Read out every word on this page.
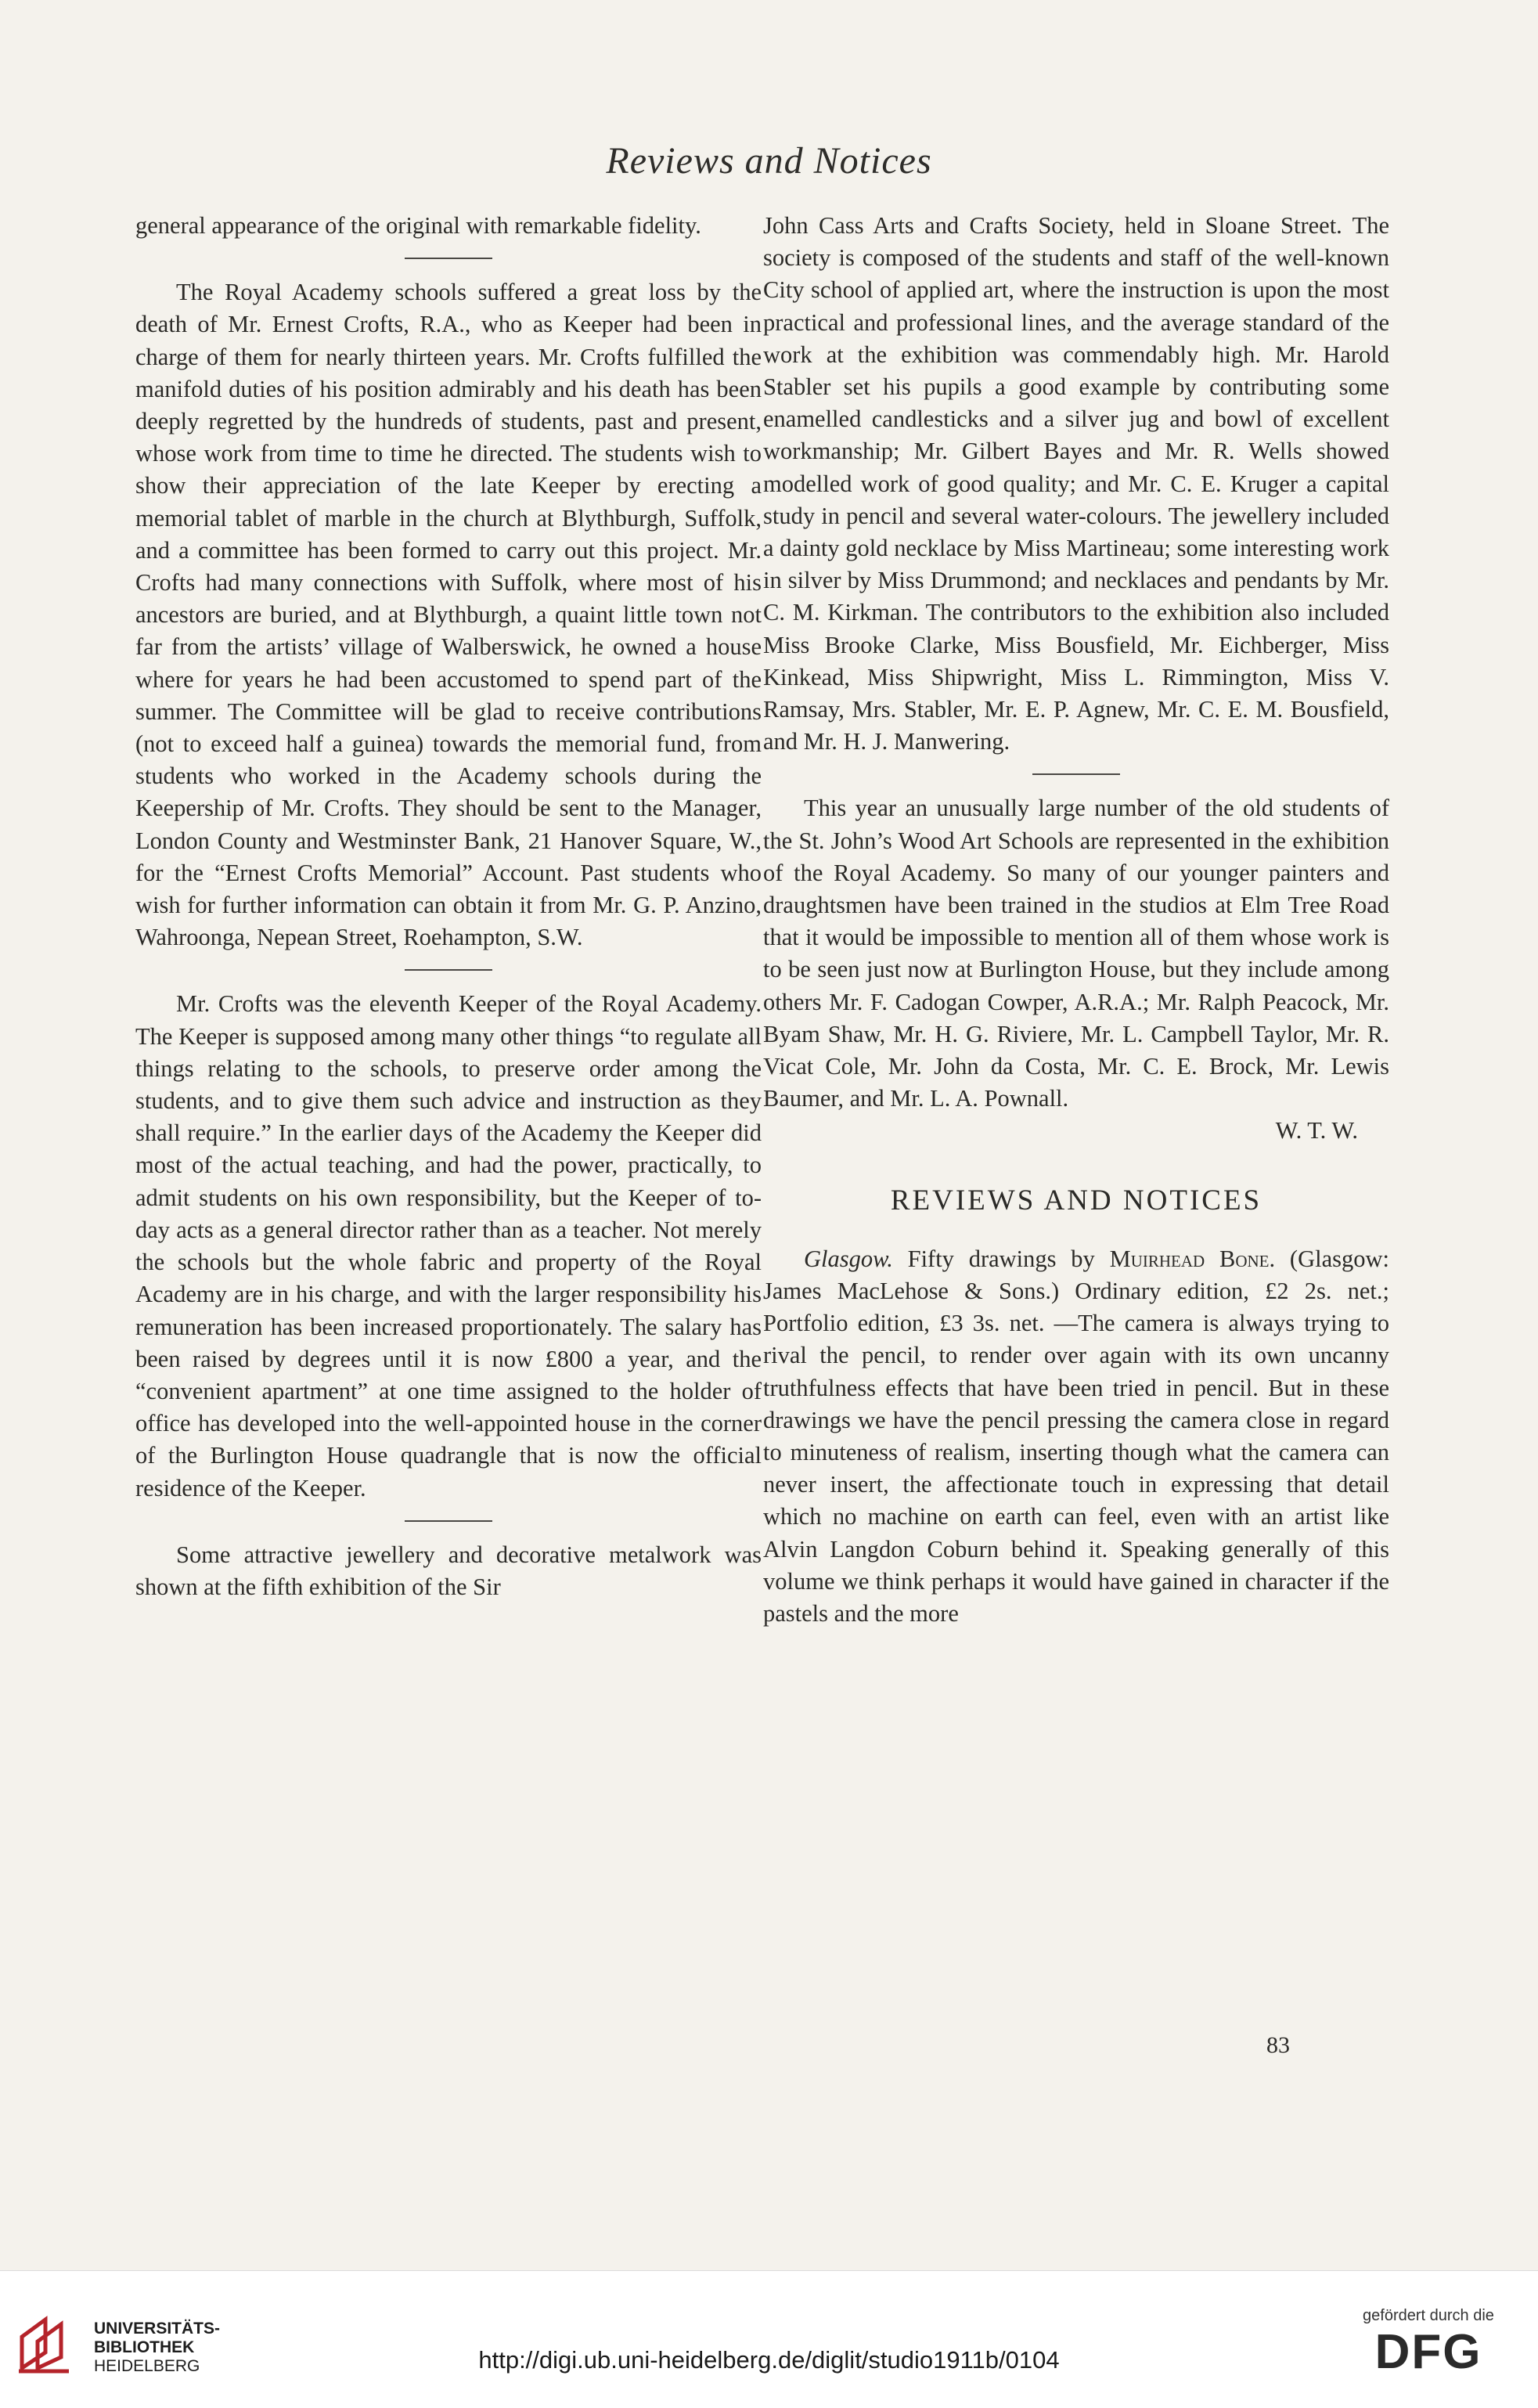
Reviews and Notices

general appearance of the original with remarkable fidelity.

The Royal Academy schools suffered a great loss by the death of Mr. Ernest Crofts, R.A., who as Keeper had been in charge of them for nearly thirteen years. Mr. Crofts fulfilled the manifold duties of his position admirably and his death has been deeply regretted by the hundreds of students, past and present, whose work from time to time he directed. The students wish to show their appreciation of the late Keeper by erecting a memorial tablet of marble in the church at Blythburgh, Suffolk, and a committee has been formed to carry out this project. Mr. Crofts had many connections with Suffolk, where most of his ancestors are buried, and at Blythburgh, a quaint little town not far from the artists’ village of Walberswick, he owned a house where for years he had been accustomed to spend part of the summer. The Committee will be glad to receive contributions (not to exceed half a guinea) towards the memorial fund, from students who worked in the Academy schools during the Keepership of Mr. Crofts. They should be sent to the Manager, London County and Westminster Bank, 21 Hanover Square, W., for the “Ernest Crofts Memorial” Account. Past students who wish for further information can obtain it from Mr. G. P. Anzino, Wahroonga, Nepean Street, Roehampton, S.W.

Mr. Crofts was the eleventh Keeper of the Royal Academy. The Keeper is supposed among many other things “to regulate all things relating to the schools, to preserve order among the students, and to give them such advice and instruction as they shall require.” In the earlier days of the Academy the Keeper did most of the actual teaching, and had the power, practically, to admit students on his own responsibility, but the Keeper of to-day acts as a general director rather than as a teacher. Not merely the schools but the whole fabric and property of the Royal Academy are in his charge, and with the larger responsibility his remuneration has been increased proportionately. The salary has been raised by degrees until it is now £800 a year, and the “convenient apartment” at one time assigned to the holder of office has developed into the well-appointed house in the corner of the Burlington House quadrangle that is now the official residence of the Keeper.

Some attractive jewellery and decorative metalwork was shown at the fifth exhibition of the Sir

John Cass Arts and Crafts Society, held in Sloane Street. The society is composed of the students and staff of the well-known City school of applied art, where the instruction is upon the most practical and professional lines, and the average standard of the work at the exhibition was commendably high. Mr. Harold Stabler set his pupils a good example by contributing some enamelled candlesticks and a silver jug and bowl of excellent workmanship; Mr. Gilbert Bayes and Mr. R. Wells showed modelled work of good quality; and Mr. C. E. Kruger a capital study in pencil and several water-colours. The jewellery included a dainty gold necklace by Miss Martineau; some interesting work in silver by Miss Drummond; and necklaces and pendants by Mr. C. M. Kirkman. The contributors to the exhibition also included Miss Brooke Clarke, Miss Bousfield, Mr. Eichberger, Miss Kinkead, Miss Shipwright, Miss L. Rimmington, Miss V. Ramsay, Mrs. Stabler, Mr. E. P. Agnew, Mr. C. E. M. Bousfield, and Mr. H. J. Manwering.

This year an unusually large number of the old students of the St. John’s Wood Art Schools are represented in the exhibition of the Royal Academy. So many of our younger painters and draughtsmen have been trained in the studios at Elm Tree Road that it would be impossible to mention all of them whose work is to be seen just now at Burlington House, but they include among others Mr. F. Cadogan Cowper, A.R.A.; Mr. Ralph Peacock, Mr. Byam Shaw, Mr. H. G. Riviere, Mr. L. Campbell Taylor, Mr. R. Vicat Cole, Mr. John da Costa, Mr. C. E. Brock, Mr. Lewis Baumer, and Mr. L. A. Pownall.

W. T. W.
REVIEWS AND NOTICES

Glasgow. Fifty drawings by Muirhead Bone. (Glasgow: James MacLehose & Sons.) Ordinary edition, £2 2s. net.; Portfolio edition, £3 3s. net. —The camera is always trying to rival the pencil, to render over again with its own uncanny truthfulness effects that have been tried in pencil. But in these drawings we have the pencil pressing the camera close in regard to minuteness of realism, inserting though what the camera can never insert, the affectionate touch in expressing that detail which no machine on earth can feel, even with an artist like Alvin Langdon Coburn behind it. Speaking generally of this volume we think perhaps it would have gained in character if the pastels and the more

83
UNIVERSITÄTS-
BIBLIOTHEK
HEIDELBERG	http://digi.ub.uni-heidelberg.de/diglit/studio1911b/0104
gefördert durch die
DFG
